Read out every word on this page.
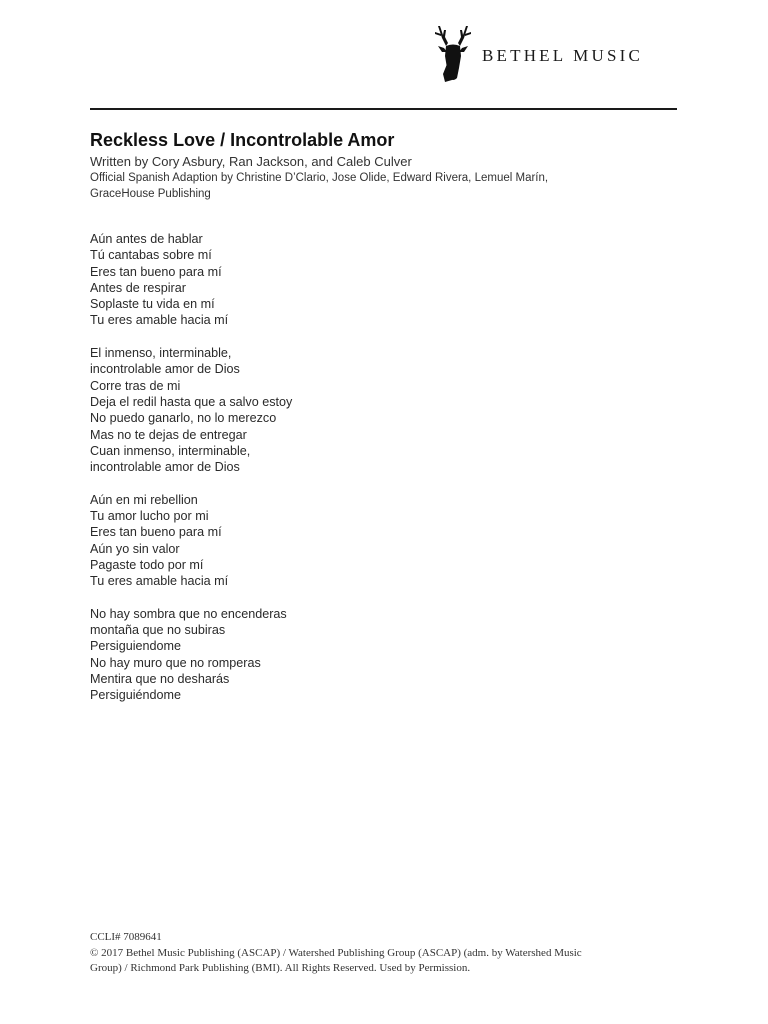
BETHEL MUSIC
Reckless Love / Incontrolable Amor
Written by Cory Asbury, Ran Jackson, and Caleb Culver
Official Spanish Adaption by Christine D’Clario, Jose Olide, Edward Rivera, Lemuel Marín,
GraceHouse Publishing
Aún antes de hablar
Tú cantabas sobre mí
Eres tan bueno para mí
Antes de respirar
Soplaste tu vida en mí
Tu eres amable hacia mí
El inmenso, interminable,
incontrolable amor de Dios
Corre tras de mi
Deja el redil hasta que a salvo estoy
No puedo ganarlo, no lo merezco
Mas no te dejas de entregar
Cuan inmenso, interminable,
incontrolable amor de Dios
Aún en mi rebellion
Tu amor lucho por mi
Eres tan bueno para mí
Aún yo sin valor
Pagaste todo por mí
Tu eres amable hacia mí
No hay sombra que no encenderas
montaña que no subiras
Persiguiendome
No hay muro que no romperas
Mentira que no desharás
Persiguiéndome
CCLI# 7089641
© 2017 Bethel Music Publishing (ASCAP) / Watershed Publishing Group (ASCAP) (adm. by Watershed Music
Group) / Richmond Park Publishing (BMI). All Rights Reserved. Used by Permission.
